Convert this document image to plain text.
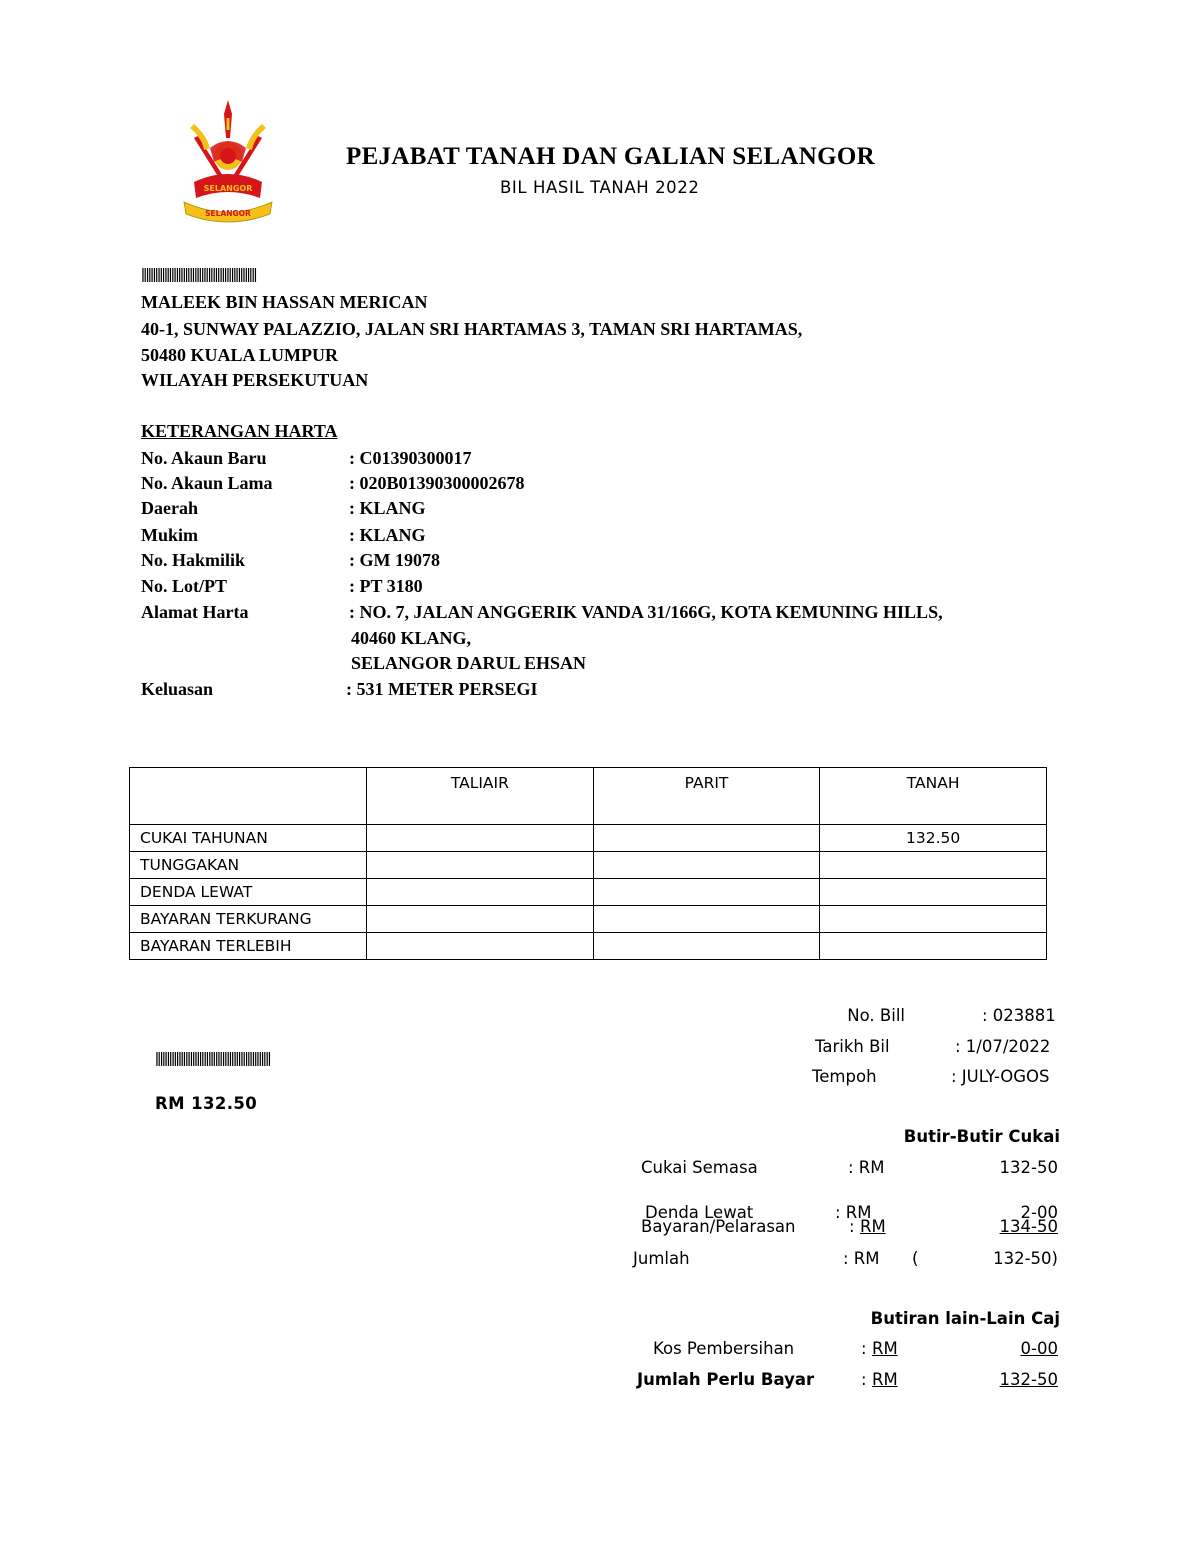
SELANGOR
SELANGOR
PEJABAT TANAH DAN GALIAN SELANGOR
BIL HASIL TANAH 2022
||||||||||||||||||||||||||||||||||||||||||||||||||
MALEEK BIN HASSAN MERICAN
40-1, SUNWAY PALAZZIO, JALAN SRI HARTAMAS 3, TAMAN SRI HARTAMAS,
50480 KUALA LUMPUR
WILAYAH PERSEKUTUAN
KETERANGAN HARTA
No. Akaun Baru	: C01390300017
No. Akaun Lama	: 020B01390300002678
Daerah	: KLANG
Mukim	: KLANG
No. Hakmilik	: GM 19078
No. Lot/PT	: PT 3180
Alamat Harta	: NO. 7, JALAN ANGGERIK VANDA 31/166G, KOTA KEMUNING HILLS,
40460 KLANG,
SELANGOR DARUL EHSAN
Keluasan	: 531 METER PERSEGI
	TALIAIR	PARIT	TANAH
CUKAI TAHUNAN			132.50
TUNGGAKAN			
DENDA LEWAT			
BAYARAN TERKURANG			
BAYARAN TERLEBIH			
No. Bill	: 023881
Tarikh Bil	: 1/07/2022
Tempoh	: JULY-OGOS
||||||||||||||||||||||||||||||||||||||||||||||||||
RM 132.50
Butir-Butir Cukai
Cukai Semasa	: RM	132-50
Denda Lewat	: RM	2-00
Bayaran/Pelarasan	: RM	134-50
Jumlah	: RM (	132-50)
Butiran lain-Lain Caj
Kos Pembersihan	: RM	0-00
Jumlah Perlu Bayar	: RM	132-50
